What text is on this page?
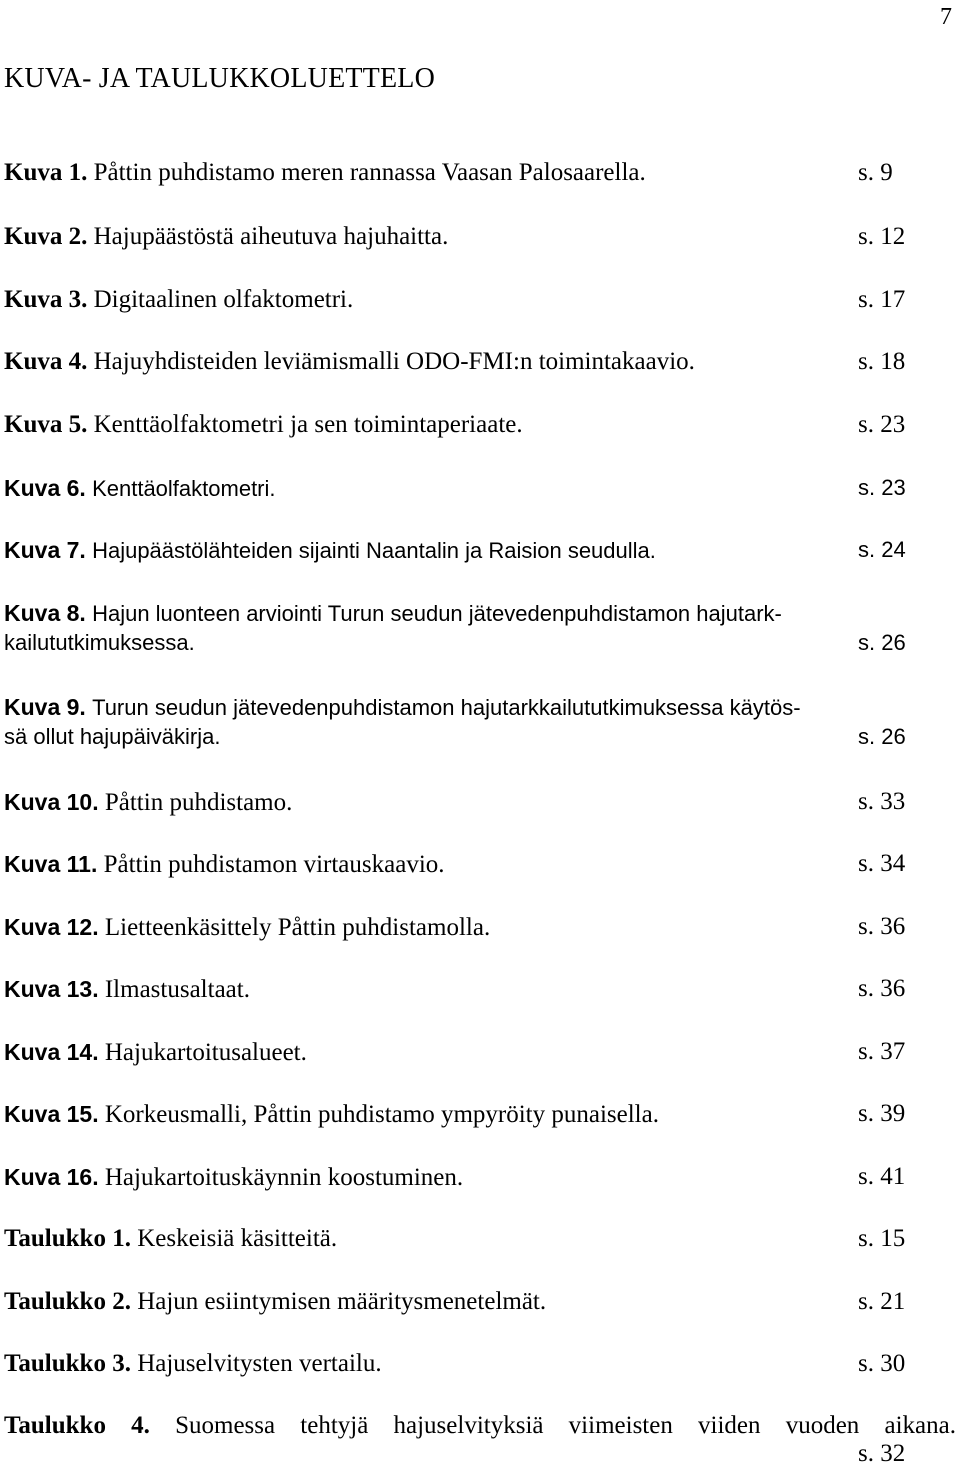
7
KUVA- JA TAULUKKOLUETTELO
Kuva 1. Påttin puhdistamo meren rannassa Vaasan Palosaarella.	s. 9
Kuva 2. Hajupäästöstä aiheutuva hajuhaitta.	s. 12
Kuva 3. Digitaalinen olfaktometri.	s. 17
Kuva 4. Hajuyhdisteiden leviämismalli ODO-FMI:n toimintakaavio.	s. 18
Kuva 5. Kenttäolfaktometri ja sen toimintaperiaate.	s. 23
Kuva 6. Kenttäolfaktometri.	s. 23
Kuva 7. Hajupäästölähteiden sijainti Naantalin ja Raision seudulla.	s. 24
Kuva 8. Hajun luonteen arviointi Turun seudun jätevedenpuhdistamon hajutark-
kailututkimuksessa.	s. 26
Kuva 9. Turun seudun jätevedenpuhdistamon hajutarkkailututkimuksessa käytös-
sä ollut hajupäiväkirja.	s. 26
Kuva 10. Påttin puhdistamo.	s. 33
Kuva 11. Påttin puhdistamon virtauskaavio.	s. 34
Kuva 12. Lietteenkäsittely Påttin puhdistamolla.	s. 36
Kuva 13. Ilmastusaltaat.	s. 36
Kuva 14. Hajukartoitusalueet.	s. 37
Kuva 15. Korkeusmalli, Påttin puhdistamo ympyröity punaisella.	s. 39
Kuva 16. Hajukartoituskäynnin koostuminen.	s. 41
Taulukko 1. Keskeisiä käsitteitä.	s. 15
Taulukko 2. Hajun esiintymisen määritysmenetelmät.	s. 21
Taulukko 3. Hajuselvitysten vertailu.	s. 30
Taulukko 4. Suomessa tehtyjä hajuselvityksiä viimeisten viiden vuoden aikana.
s. 32
